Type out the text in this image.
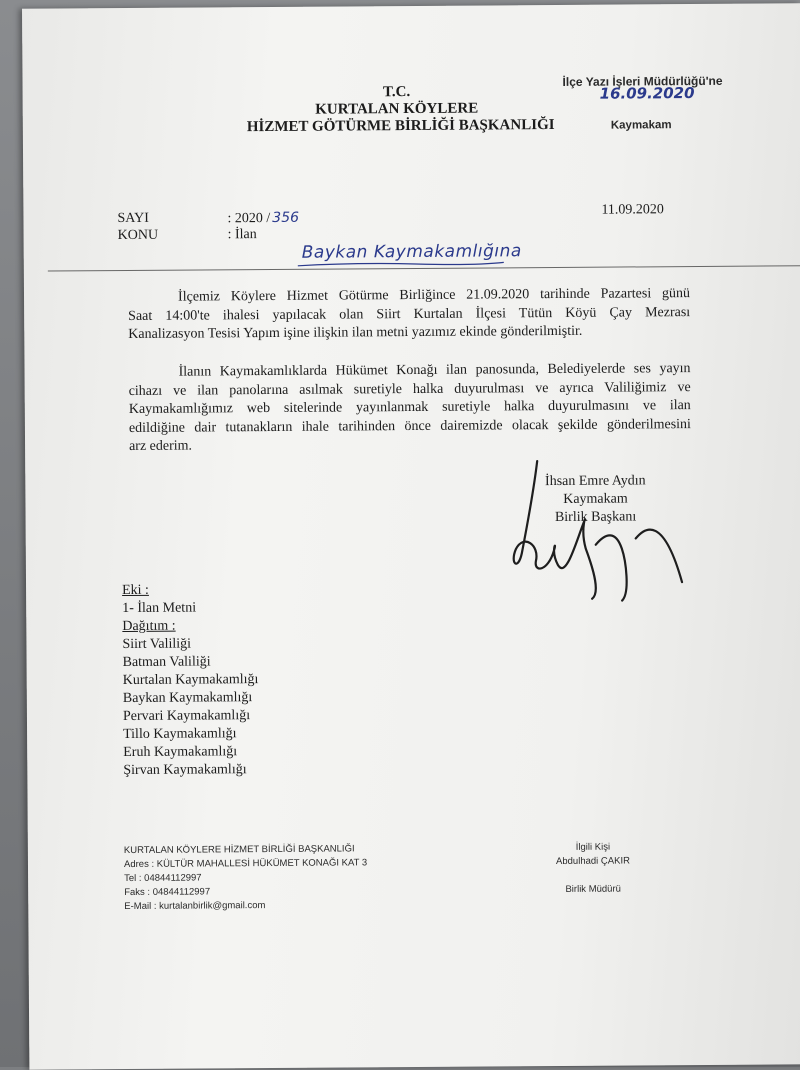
T.C.
KURTALAN KÖYLERE
HİZMET GÖTÜRME BİRLİĞİ BAŞKANLIĞI
İlçe Yazı İşleri Müdürlüğü'ne
16.09.2020
Kaymakam
SAYI	: 2020 / 356
KONU	: İlan
11.09.2020
Baykan Kaymakamlığına
İlçemiz Köylere Hizmet Götürme Birliğince 21.09.2020 tarihinde Pazartesi günü
Saat 14:00'te ihalesi yapılacak olan Siirt Kurtalan İlçesi Tütün Köyü Çay Mezrası
Kanalizasyon Tesisi Yapım işine ilişkin ilan metni yazımız ekinde gönderilmiştir.
İlanın Kaymakamlıklarda Hükümet Konağı ilan panosunda, Belediyelerde ses yayın
cihazı ve ilan panolarına asılmak suretiyle halka duyurulması ve ayrıca Valiliğimiz ve
Kaymakamlığımız web sitelerinde yayınlanmak suretiyle halka duyurulmasını ve ilan
edildiğine dair tutanakların ihale tarihinden önce dairemizde olacak şekilde gönderilmesini
arz ederim.
İhsan Emre Aydın
Kaymakam
Birlik Başkanı
Eki :
1- İlan Metni
Dağıtım :
Siirt Valiliği
Batman Valiliği
Kurtalan Kaymakamlığı
Baykan Kaymakamlığı
Pervari Kaymakamlığı
Tillo Kaymakamlığı
Eruh Kaymakamlığı
Şirvan Kaymakamlığı
KURTALAN KÖYLERE HİZMET BİRLİĞİ BAŞKANLIĞI
Adres : KÜLTÜR MAHALLESİ HÜKÜMET KONAĞI KAT 3
Tel : 04844112997
Faks : 04844112997
E-Mail : kurtalanbirlik@gmail.com
İlgili Kişi
Abdulhadi ÇAKIR
Birlik Müdürü
